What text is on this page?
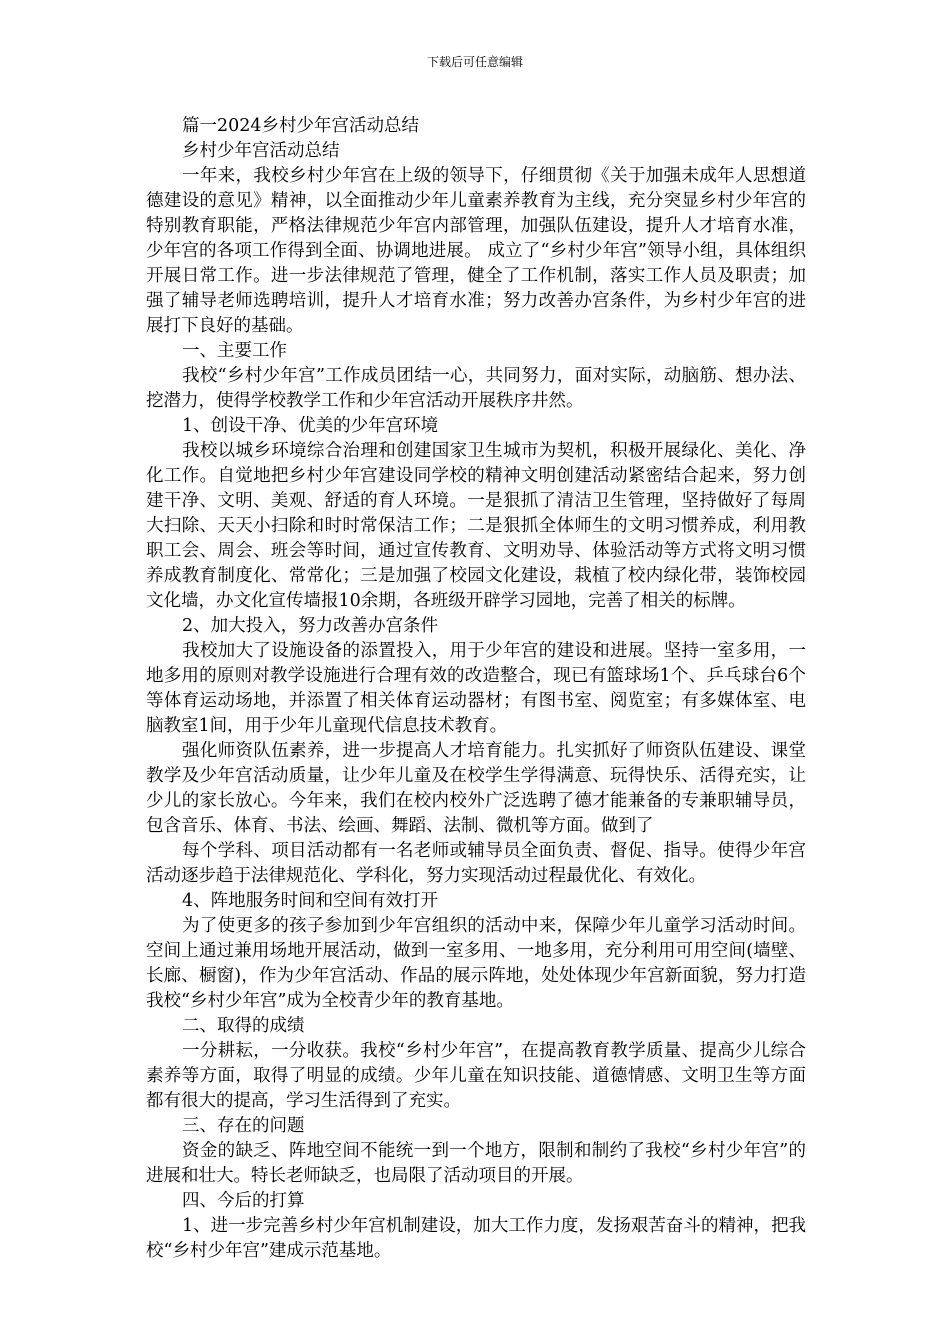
下载后可任意编辑

篇一2024乡村少年宫活动总结

乡村少年宫活动总结

一年来，我校乡村少年宫在上级的领导下，仔细贯彻《关于加强未成年人思想道德建设的意见》精神，以全面推动少年儿童素养教育为主线，充分突显乡村少年宫的特别教育职能，严格法律规范少年宫内部管理，加强队伍建设，提升人才培育水准，少年宫的各项工作得到全面、协调地进展。 成立了“乡村少年宫”领导小组，具体组织开展日常工作。进一步法律规范了管理，健全了工作机制，落实工作人员及职责；加强了辅导老师选聘培训，提升人才培育水准；努力改善办宫条件，为乡村少年宫的进展打下良好的基础。

一、主要工作

我校“乡村少年宫”工作成员团结一心，共同努力，面对实际，动脑筋、想办法、挖潜力，使得学校教学工作和少年宫活动开展秩序井然。

1、创设干净、优美的少年宫环境

我校以城乡环境综合治理和创建国家卫生城市为契机，积极开展绿化、美化、净化工作。自觉地把乡村少年宫建设同学校的精神文明创建活动紧密结合起来，努力创建干净、文明、美观、舒适的育人环境。一是狠抓了清洁卫生管理，坚持做好了每周大扫除、天天小扫除和时时常保洁工作；二是狠抓全体师生的文明习惯养成，利用教职工会、周会、班会等时间，通过宣传教育、文明劝导、体验活动等方式将文明习惯养成教育制度化、常常化；三是加强了校园文化建设，栽植了校内绿化带，装饰校园文化墙，办文化宣传墙报10余期，各班级开辟学习园地，完善了相关的标牌。

2、加大投入，努力改善办宫条件

我校加大了设施设备的添置投入，用于少年宫的建设和进展。坚持一室多用，一地多用的原则对教学设施进行合理有效的改造整合，现已有篮球场1个、乒乓球台6个等体育运动场地，并添置了相关体育运动器材；有图书室、阅览室；有多媒体室、电脑教室1间，用于少年儿童现代信息技术教育。

强化师资队伍素养，进一步提高人才培育能力。扎实抓好了师资队伍建设、课堂教学及少年宫活动质量，让少年儿童及在校学生学得满意、玩得快乐、活得充实，让少儿的家长放心。今年来，我们在校内校外广泛选聘了德才能兼备的专兼职辅导员，包含音乐、体育、书法、绘画、舞蹈、法制、微机等方面。做到了

每个学科、项目活动都有一名老师或辅导员全面负责、督促、指导。使得少年宫活动逐步趋于法律规范化、学科化，努力实现活动过程最优化、有效化。

4、阵地服务时间和空间有效打开

为了使更多的孩子参加到少年宫组织的活动中来，保障少年儿童学习活动时间。空间上通过兼用场地开展活动，做到一室多用、一地多用，充分利用可用空间(墙壁、长廊、橱窗)，作为少年宫活动、作品的展示阵地，处处体现少年宫新面貌，努力打造我校“乡村少年宫”成为全校青少年的教育基地。

二、取得的成绩

一分耕耘，一分收获。我校“乡村少年宫”，在提高教育教学质量、提高少儿综合素养等方面，取得了明显的成绩。少年儿童在知识技能、道德情感、文明卫生等方面都有很大的提高，学习生活得到了充实。

三、存在的问题

资金的缺乏、阵地空间不能统一到一个地方，限制和制约了我校“乡村少年宫”的进展和壮大。特长老师缺乏，也局限了活动项目的开展。

四、今后的打算

1、进一步完善乡村少年宫机制建设，加大工作力度，发扬艰苦奋斗的精神，把我校“乡村少年宫”建成示范基地。
